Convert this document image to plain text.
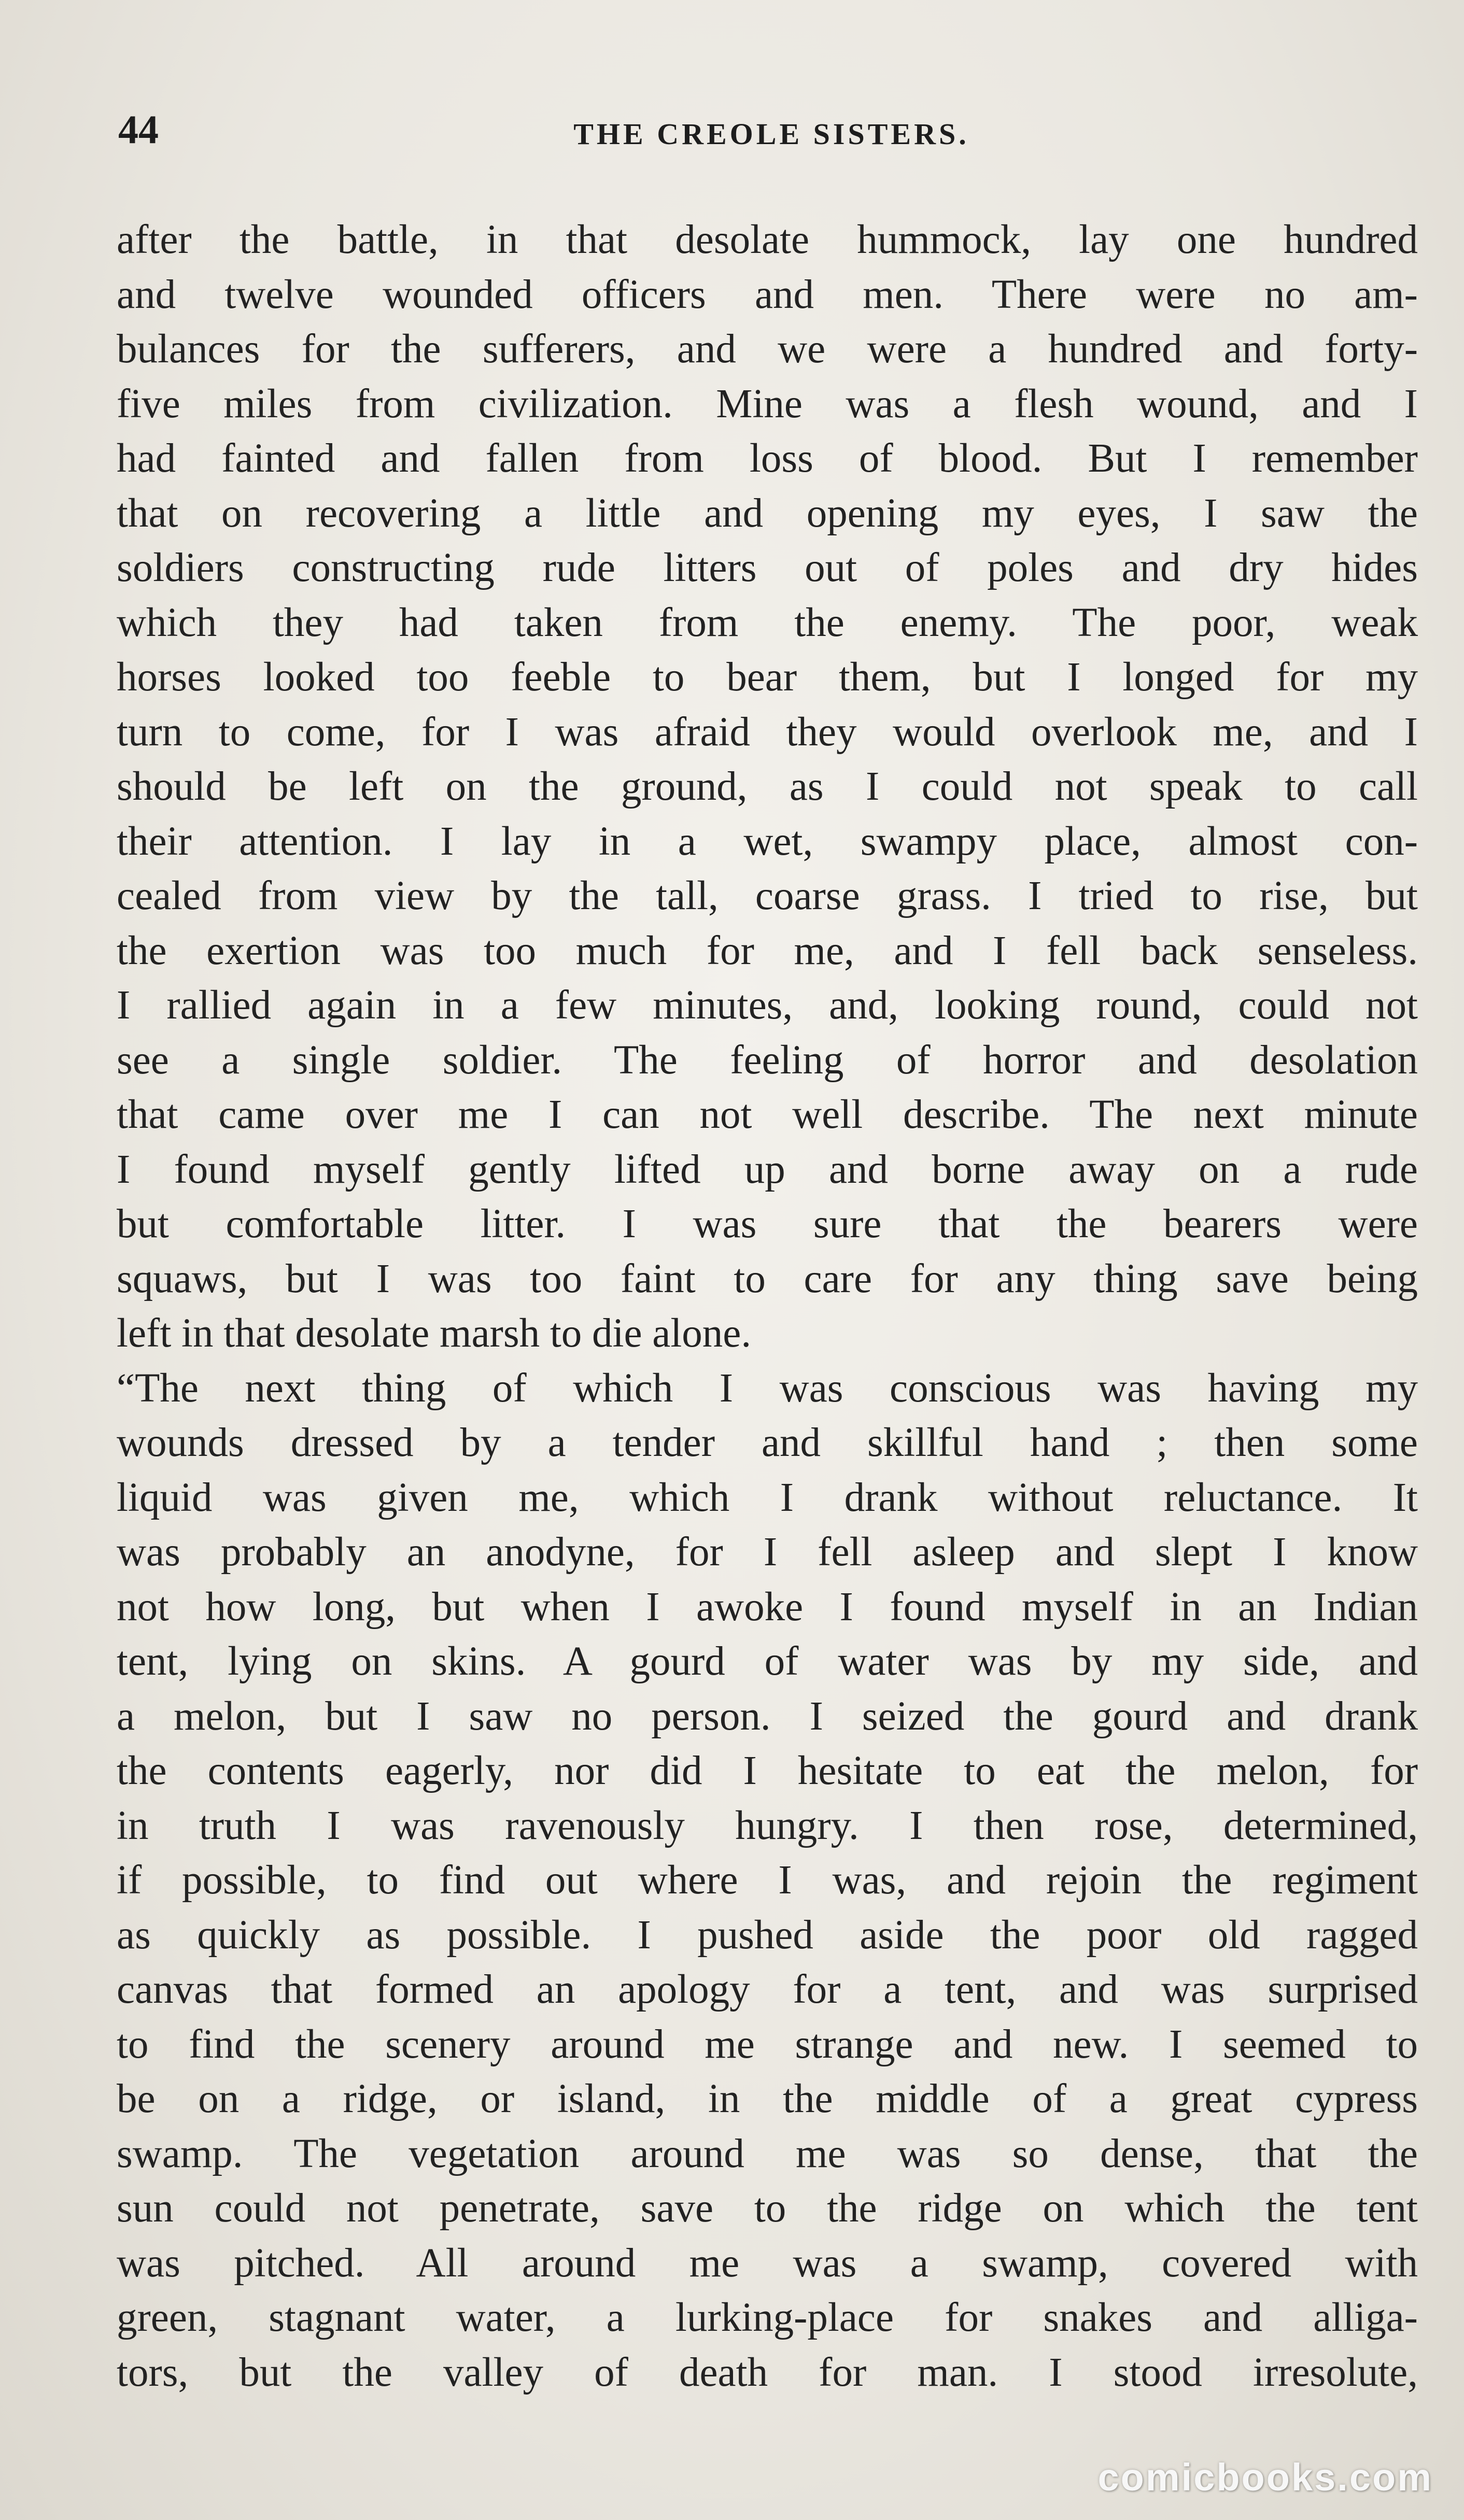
44	THE CREOLE SISTERS.
after the battle, in that desolate hummock, lay one hundred
and twelve wounded officers and men. There were no am-
bulances for the sufferers, and we were a hundred and forty-
five miles from civilization. Mine was a flesh wound, and I
had fainted and fallen from loss of blood. But I remember
that on recovering a little and opening my eyes, I saw the
soldiers constructing rude litters out of poles and dry hides
which they had taken from the enemy. The poor, weak
horses looked too feeble to bear them, but I longed for my
turn to come, for I was afraid they would overlook me, and I
should be left on the ground, as I could not speak to call
their attention. I lay in a wet, swampy place, almost con-
cealed from view by the tall, coarse grass. I tried to rise, but
the exertion was too much for me, and I fell back senseless.
I rallied again in a few minutes, and, looking round, could not
see a single soldier. The feeling of horror and desolation
that came over me I can not well describe. The next minute
I found myself gently lifted up and borne away on a rude
but comfortable litter. I was sure that the bearers were
squaws, but I was too faint to care for any thing save being
left in that desolate marsh to die alone.
“The next thing of which I was conscious was having my
wounds dressed by a tender and skillful hand ; then some
liquid was given me, which I drank without reluctance. It
was probably an anodyne, for I fell asleep and slept I know
not how long, but when I awoke I found myself in an Indian
tent, lying on skins. A gourd of water was by my side, and
a melon, but I saw no person. I seized the gourd and drank
the contents eagerly, nor did I hesitate to eat the melon, for
in truth I was ravenously hungry. I then rose, determined,
if possible, to find out where I was, and rejoin the regiment
as quickly as possible. I pushed aside the poor old ragged
canvas that formed an apology for a tent, and was surprised
to find the scenery around me strange and new. I seemed to
be on a ridge, or island, in the middle of a great cypress
swamp. The vegetation around me was so dense, that the
sun could not penetrate, save to the ridge on which the tent
was pitched. All around me was a swamp, covered with
green, stagnant water, a lurking-place for snakes and alliga-
tors, but the valley of death for man. I stood irresolute,
comicbooks.com
